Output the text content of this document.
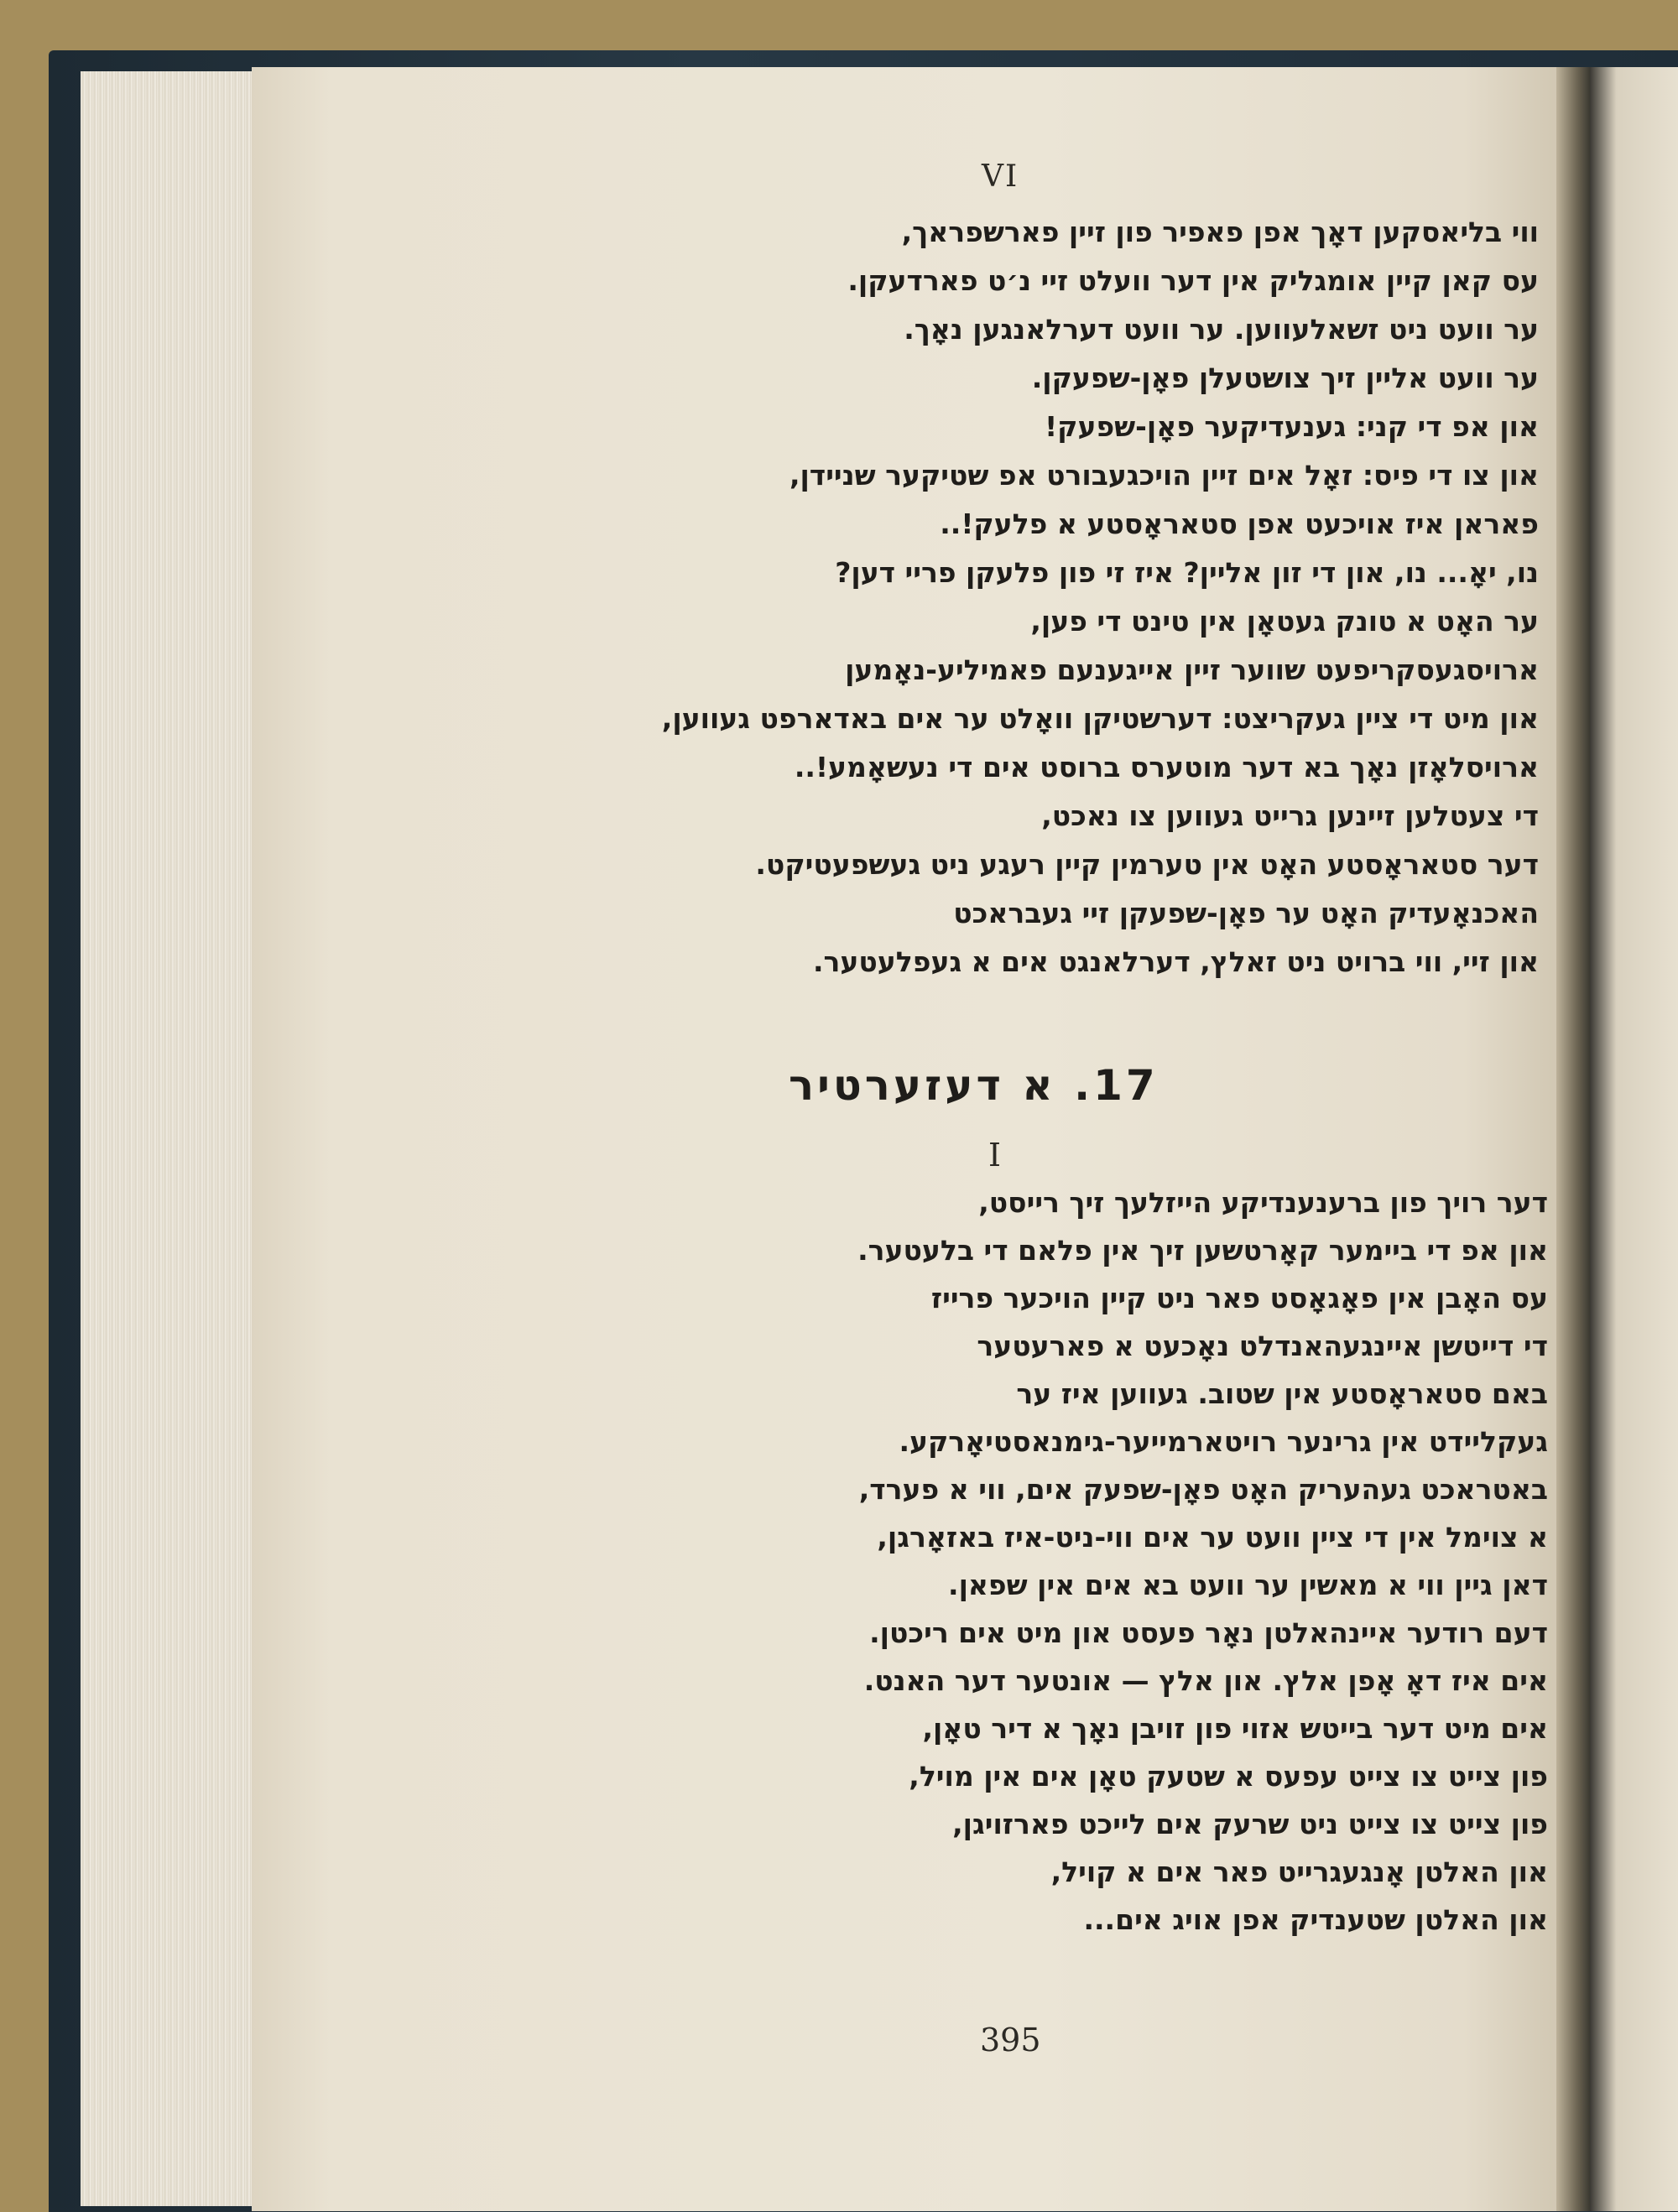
VI
ווי בליאסקען דאָך אפן פאפיר פון זיין פארשפראך,
עס קאן קיין אומגליק אין דער וועלט זיי נ׳ט פארדעקן.
ער וועט ניט זשאלעווען. ער וועט דערלאנגען נאָך.
ער וועט אליין זיך צושטעלן פאָן-שפעקן.
און אפ די קני: גענעדיקער פאָן-שפעק!
און צו די פיס: זאָל אים זיין הויכגעבורט אפ שטיקער שניידן,
פאראן איז אויכעט אפן סטאראָסטע א פלעק!..
נו, יאָ... נו, און די זון אליין? איז זי פון פלעקן פריי דען?
ער האָט א טונק געטאָן אין טינט די פען,
ארויסגעסקריפעט שווער זיין אייגענעם פאמיליע-נאָמען
און מיט די ציין געקריצט: דערשטיקן וואָלט ער אים באדארפט געווען,
ארויסלאָזן נאָך בא דער מוטערס ברוסט אים די נעשאָמע!..
די צעטלען זיינען גרייט געווען צו נאכט,
דער סטאראָסטע האָט אין טערמין קיין רעגע ניט געשפעטיקט.
האכנאָעדיק האָט ער פאָן-שפעקן זיי געבראכט
און זיי, ווי ברויט ניט זאלץ, דערלאנגט אים א געפלעטער.
17. א דעזערטיר
I
דער רויך פון ברענענדיקע הייזלעך זיך רייסט,
און אפ די ביימער קאָרטשען זיך אין פלאם די בלעטער.
עס האָבן אין פאָגאָסט פאר ניט קיין הויכער פרייז
די דייטשן איינגעהאנדלט נאָכעט א פארעטער
באם סטאראָסטע אין שטוב. געווען איז ער
געקליידט אין גרינער רויטארמייער-גימנאסטיאָרקע.
באטראכט געהעריק האָט פאָן-שפעק אים, ווי א פערד,
א צוימל אין די ציין וועט ער אים ווי-ניט-איז באזאָרגן,
דאן גיין ווי א מאשין ער וועט בא אים אין שפאן.
דעם רודער איינהאלטן נאָר פעסט און מיט אים ריכטן.
אים איז דאָ אָפן אלץ. און אלץ — אונטער דער האנט.
אים מיט דער בייטש אזוי פון זויבן נאָך א דיר טאָן,
פון צייט צו צייט עפעס א שטעק טאָן אים אין מויל,
פון צייט צו צייט ניט שרעק אים לייכט פארזויגן,
און האלטן אָנגעגרייט פאר אים א קויל,
און האלטן שטענדיק אפן אויג אים...
395
